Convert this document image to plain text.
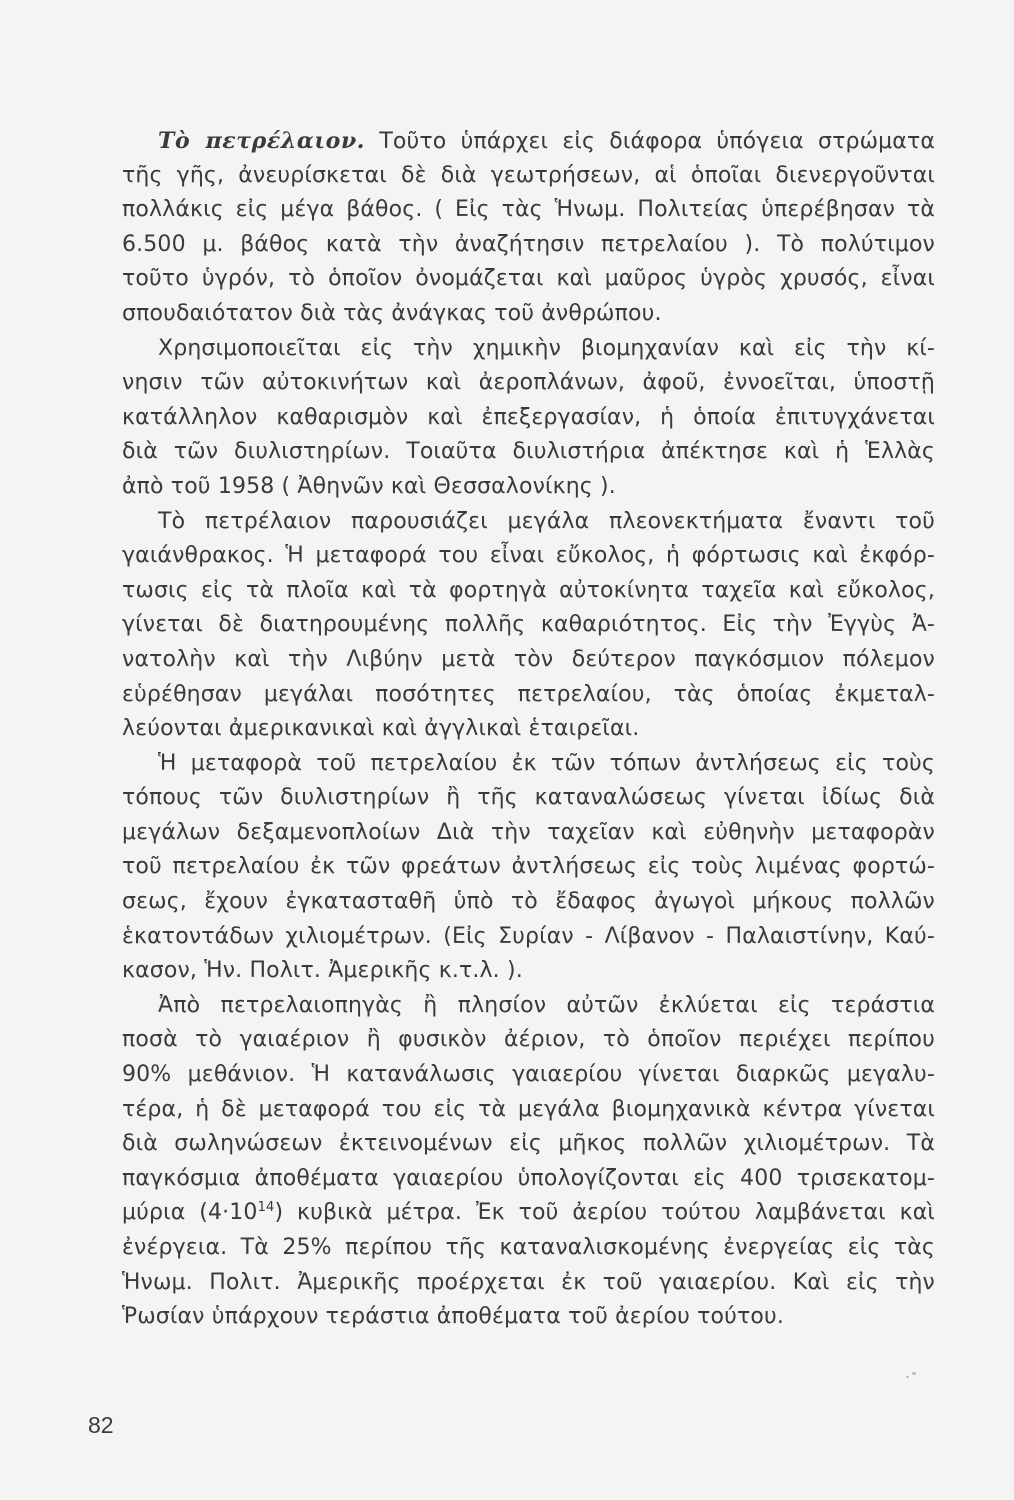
Τὸ πετρέλαιον. Τοῦτο ὑπάρχει εἰς διάφορα ὑπόγεια στρώματα
τῆς γῆς, ἀνευρίσκεται δὲ διὰ γεωτρήσεων, αἱ ὁποῖαι διενεργοῦνται
πολλάκις εἰς μέγα βάθος. ( Εἰς τὰς Ἡνωμ. Πολιτείας ὑπερέβησαν τὰ
6.500 μ. βάθος κατὰ τὴν ἀναζήτησιν πετρελαίου ). Τὸ πολύτιμον
τοῦτο ὑγρόν, τὸ ὁποῖον ὀνομάζεται καὶ μαῦρος ὑγρὸς χρυσός, εἶναι
σπουδαιότατον διὰ τὰς ἀνάγκας τοῦ ἀνθρώπου.
Χρησιμοποιεῖται εἰς τὴν χημικὴν βιομηχανίαν καὶ εἰς τὴν κί-
νησιν τῶν αὐτοκινήτων καὶ ἀεροπλάνων, ἀφοῦ, ἐννοεῖται, ὑποστῇ
κατάλληλον καθαρισμὸν καὶ ἐπεξεργασίαν, ἡ ὁποία ἐπιτυγχάνεται
διὰ τῶν διυλιστηρίων. Τοιαῦτα διυλιστήρια ἀπέκτησε καὶ ἡ Ἑλλὰς
ἀπὸ τοῦ 1958 ( Ἀθηνῶν καὶ Θεσσαλονίκης ).
Τὸ πετρέλαιον παρουσιάζει μεγάλα πλεονεκτήματα ἔναντι τοῦ
γαιάνθρακος. Ἡ μεταφορά του εἶναι εὔκολος, ἡ φόρτωσις καὶ ἐκφόρ-
τωσις εἰς τὰ πλοῖα καὶ τὰ φορτηγὰ αὐτοκίνητα ταχεῖα καὶ εὔκολος,
γίνεται δὲ διατηρουμένης πολλῆς καθαριότητος. Εἰς τὴν Ἐγγὺς Ἀ-
νατολὴν καὶ τὴν Λιβύην μετὰ τὸν δεύτερον παγκόσμιον πόλεμον
εὑρέθησαν μεγάλαι ποσότητες πετρελαίου, τὰς ὁποίας ἐκμεταλ-
λεύονται ἀμερικανικαὶ καὶ ἀγγλικαὶ ἑταιρεῖαι.
Ἡ μεταφορὰ τοῦ πετρελαίου ἐκ τῶν τόπων ἀντλήσεως εἰς τοὺς
τόπους τῶν διυλιστηρίων ἢ τῆς καταναλώσεως γίνεται ἰδίως διὰ
μεγάλων δεξαμενοπλοίων Διὰ τὴν ταχεῖαν καὶ εὐθηνὴν μεταφορὰν
τοῦ πετρελαίου ἐκ τῶν φρεάτων ἀντλήσεως εἰς τοὺς λιμένας φορτώ-
σεως, ἔχουν ἐγκατασταθῆ ὑπὸ τὸ ἔδαφος ἀγωγοὶ μήκους πολλῶν
ἑκατοντάδων χιλιομέτρων. (Εἰς Συρίαν - Λίβανον - Παλαιστίνην, Καύ-
κασον, Ἡν. Πολιτ. Ἀμερικῆς κ.τ.λ. ).
Ἀπὸ πετρελαιοπηγὰς ἢ πλησίον αὐτῶν ἐκλύεται εἰς τεράστια
ποσὰ τὸ γαιαέριον ἢ φυσικὸν ἀέριον, τὸ ὁποῖον περιέχει περίπου
90% μεθάνιον. Ἡ κατανάλωσις γαιαερίου γίνεται διαρκῶς μεγαλυ-
τέρα, ἡ δὲ μεταφορά του εἰς τὰ μεγάλα βιομηχανικὰ κέντρα γίνεται
διὰ σωληνώσεων ἐκτεινομένων εἰς μῆκος πολλῶν χιλιομέτρων. Τὰ
παγκόσμια ἀποθέματα γαιαερίου ὑπολογίζονται εἰς 400 τρισεκατομ-
μύρια $(4\cdot 10^{14})$ κυβικὰ μέτρα. Ἐκ τοῦ ἀερίου τούτου λαμβάνεται καὶ
ἐνέργεια. Τὰ 25% περίπου τῆς καταναλισκομένης ἐνεργείας εἰς τὰς
Ἡνωμ. Πολιτ. Ἀμερικῆς προέρχεται ἐκ τοῦ γαιαερίου. Καὶ εἰς τὴν
Ῥωσίαν ὑπάρχουν τεράστια ἀποθέματα τοῦ ἀερίου τούτου.
82
